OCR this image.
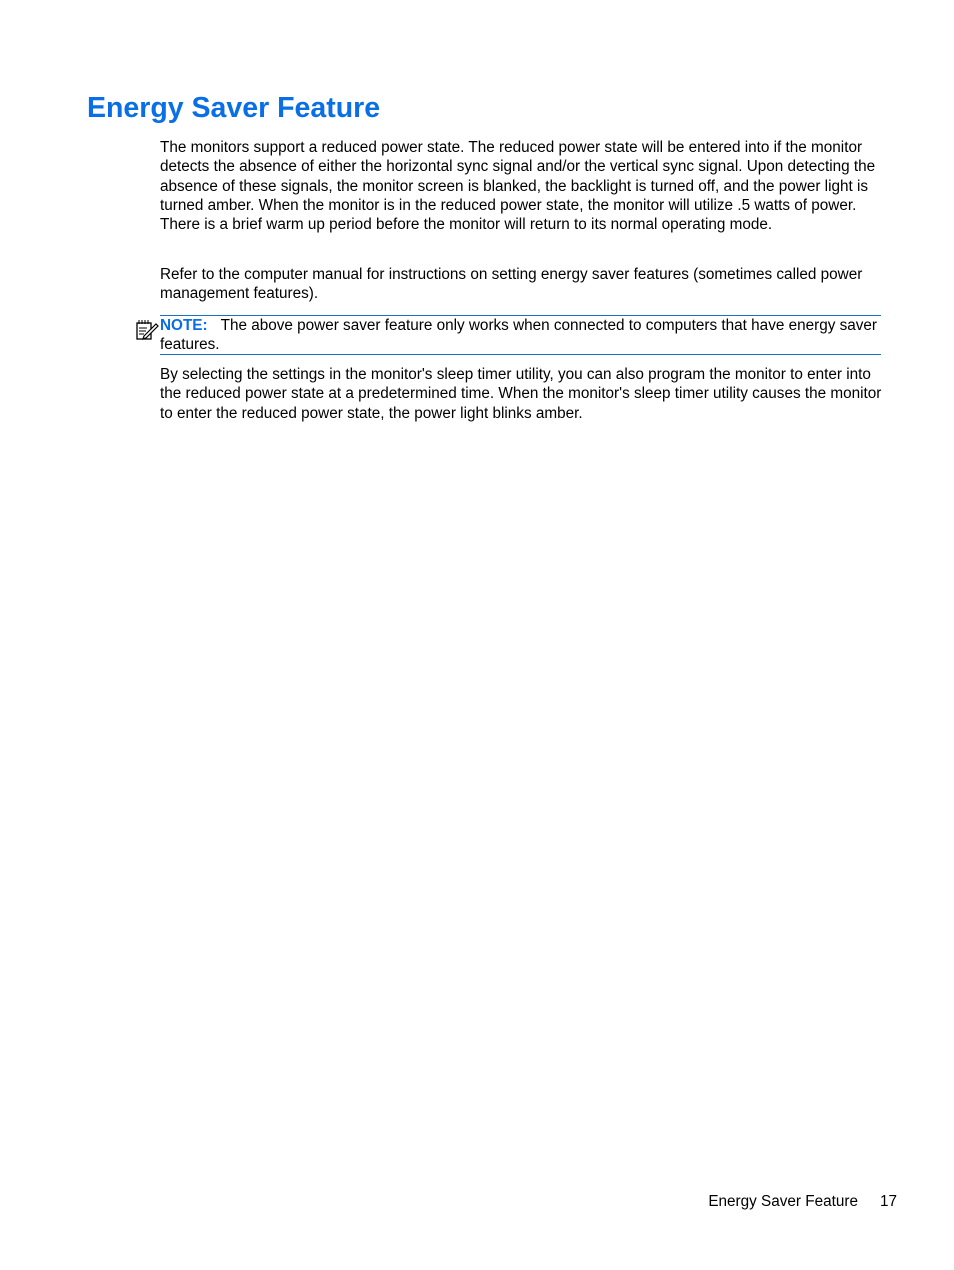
Energy Saver Feature

The monitors support a reduced power state. The reduced power state will be entered into if the monitor detects the absence of either the horizontal sync signal and/or the vertical sync signal. Upon detecting the absence of these signals, the monitor screen is blanked, the backlight is turned off, and the power light is turned amber. When the monitor is in the reduced power state, the monitor will utilize .5 watts of power. There is a brief warm up period before the monitor will return to its normal operating mode.

Refer to the computer manual for instructions on setting energy saver features (sometimes called power management features).

NOTE: The above power saver feature only works when connected to computers that have energy saver features.

By selecting the settings in the monitor's sleep timer utility, you can also program the monitor to enter into the reduced power state at a predetermined time. When the monitor's sleep timer utility causes the monitor to enter the reduced power state, the power light blinks amber.

Energy Saver Feature 17
